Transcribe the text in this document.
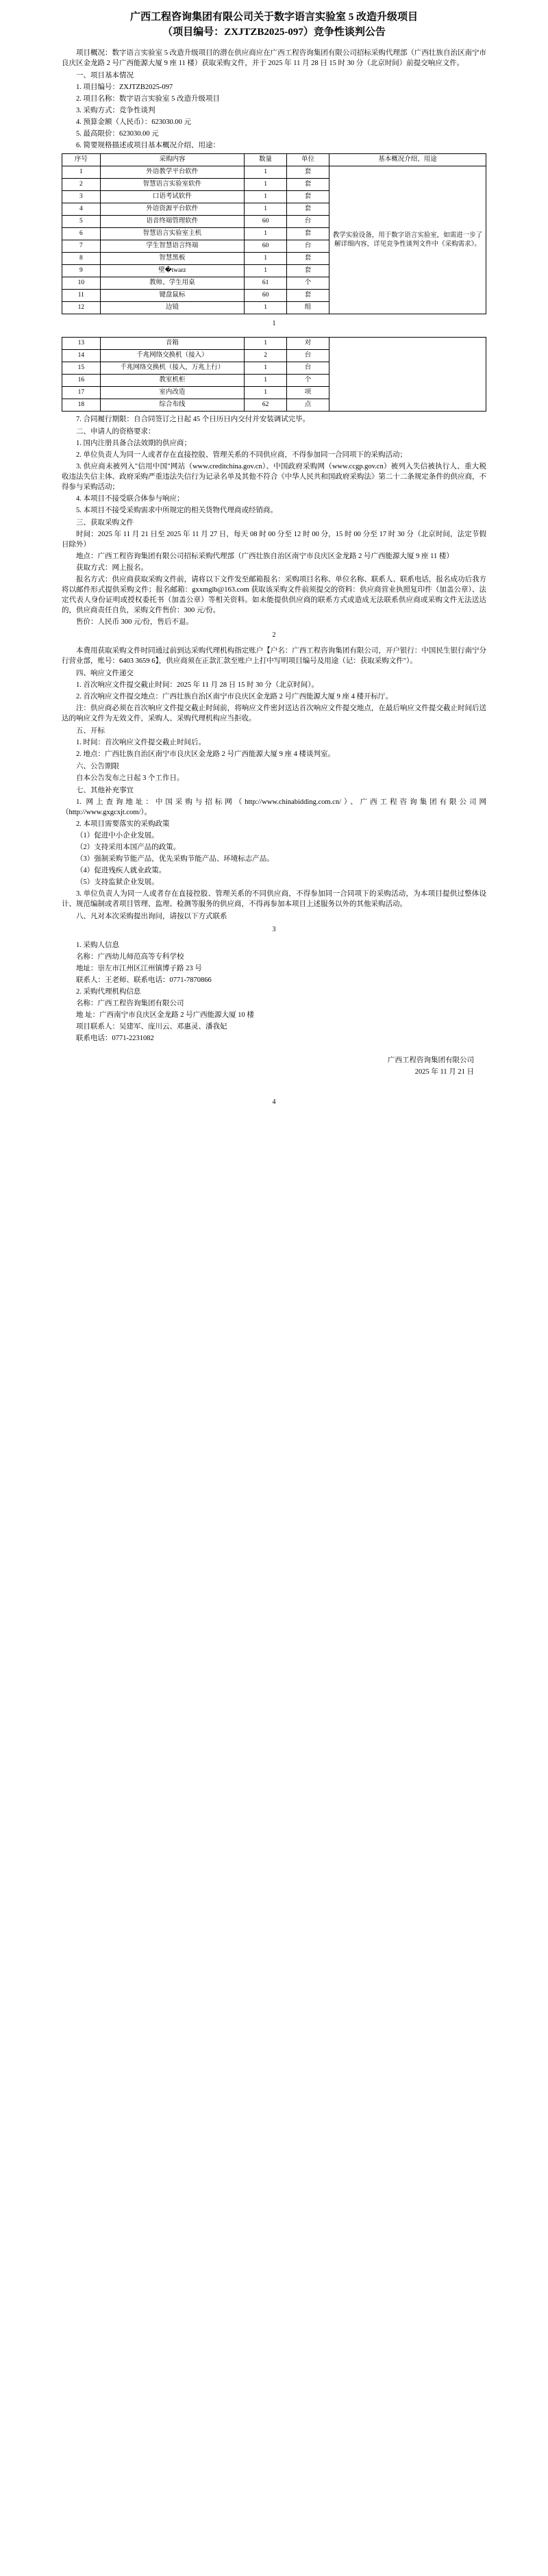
广西工程咨询集团有限公司关于数字语言实验室 5 改造升级项目
（项目编号：ZXJTZB2025-097）竞争性谈判公告

项目概况：数字语言实验室 5 改造升级项目的潜在供应商应在广西工程咨询集团有限公司招标采购代理部（广西壮族自治区南宁市良庆区金龙路 2 号广西能源大厦 9 座 11 楼）获取采购文件，并于 2025 年 11 月 28 日 15 时 30 分（北京时间）前提交响应文件。

一、项目基本情况

1. 项目编号：ZXJTZB2025-097

2. 项目名称：数字语言实验室 5 改造升级项目

3. 采购方式：竞争性谈判

4. 预算金额（人民币）：623030.00 元

5. 最高限价：623030.00 元

6. 简要规格描述或项目基本概况介绍、用途：

序号	采购内容	数量	单位	基本概况介绍、用途
1	外语教学平台软件	1	套	教学实验设备，用于数字语言实验室，如需进一步了解详细内容，详见竞争性谈判文件中《采购需求》。
2	智慧语言实验室软件	1	套	
3	口语考试软件	1	套	
4	外语资源平台软件	1	套	
5	语音终端管理软件	60	台	
6	智慧语言实验室主机	1	套	
7	学生智慧语言终端	60	台	
8	智慧黑板	1	套	
9	壁�twarz	1	套	
10	教师、学生用桌	61	个	
11	键盘鼠标	60	套	
12	边镜	1	组	
1
13	音箱	1	对	
14	千兆网络交换机（接入）	2	台	
15	千兆网络交换机（接入，万兆上行）	1	台	
16	教室机柜	1	个	
17	室内改造	1	项	
18	综合布线	62	点	

7. 合同履行期限：自合同签订之日起 45 个日历日内交付并安装调试完毕。

二、申请人的资格要求：

1. 国内注册具备合法效期的供应商；

2. 单位负责人为同一人或者存在直接控股、管理关系的不同供应商，不得参加同一合同项下的采购活动；

3. 供应商未被列入"信用中国"网站（www.creditchina.gov.cn）、中国政府采购网（www.ccgp.gov.cn）被列入失信被执行人、重大税收违法失信主体、政府采购严重违法失信行为记录名单及其他不符合《中华人民共和国政府采购法》第二十二条规定条件的供应商，不得参与采购活动；

4. 本项目不接受联合体参与响应；

5. 本项目不接受采购需求中所规定的相关货物代理商或经销商。

三、获取采购文件

时间：2025 年 11 月 21 日至 2025 年 11 月 27 日，每天 08 时 00 分至 12 时 00 分，15 时 00 分至 17 时 30 分（北京时间，法定节假日除外）

地点：广西工程咨询集团有限公司招标采购代理部（广西壮族自治区南宁市良庆区金龙路 2 号广西能源大厦 9 座 11 楼）

获取方式：网上报名。

报名方式：供应商获取采购文件前，请将以下文件发至邮箱报名：采购项目名称、单位名称、联系人、联系电话，报名成功后我方将以邮件形式提供采购文件；报名邮箱：gxxmglb@163.com 获取该采购文件前须提交的资料：供应商营业执照复印件（加盖公章）、法定代表人身份证明或授权委托书（加盖公章）等相关资料。如未能提供供应商的联系方式或造成无法联系供应商或采购文件无法送达的，供应商责任自负，采购文件售价：300 元/份。

售价：人民币 300 元/份，售后不退。

2

本费用获取采购文件时同通过前到达采购代理机构指定账户【户名：广西工程咨询集团有限公司，开户银行：中国民生银行南宁分行营业部，账号：6403 3659 6】，供应商须在正款汇款至账户上打中写明项目编号及用途（记：获取采购文件"）。

四、响应文件递交

1. 首次响应文件提交截止时间：2025 年 11 月 28 日 15 时 30 分（北京时间）。

2. 首次响应文件提交地点：广西壮族自治区南宁市良庆区金龙路 2 号广西能源大厦 9 座 4 楼开标厅。

注：供应商必须在首次响应文件提交截止时间前，将响应文件密封送达首次响应文件提交地点，在最后响应文件提交截止时间后送达的响应文件为无效文件，采购人、采购代理机构应当拒收。

五、开标

1. 时间：首次响应文件提交截止时间后。

2. 地点：广西壮族自治区南宁市良庆区金龙路 2 号广西能源大厦 9 座 4 楼谈判室。

六、公告期限

自本公告发布之日起 3 个工作日。

七、其他补充事宜

1. 网上查询地址：中国采购与招标网（http://www.chinabidding.com.cn/）、广西工程咨询集团有限公司网（http://www.gxgcxjt.com/）。

2. 本项目需要落实的采购政策

（1）促进中小企业发展。

（2）支持采用本国产品的政策。

（3）强制采购节能产品，优先采购节能产品、环境标志产品。

（4）促进残疾人就业政策。

（5）支持监狱企业发展。

3. 单位负责人为同一人或者存在直接控股、管理关系的不同供应商，不得参加同一合同项下的采购活动，为本项目提供过整体设计、规范编制或者项目管理、监理、检测等服务的供应商，不得再参加本项目上述服务以外的其他采购活动。

八、凡对本次采购提出询问，请按以下方式联系

3

1. 采购人信息

名称：广西幼儿师范高等专科学校

地址：崇左市江州区江州镇博子路 23 号

联系人：王老师、联系电话：0771-7870866

2. 采购代理机构信息

名称：广西工程咨询集团有限公司

地 址：广西南宁市良庆区金龙路 2 号广西能源大厦 10 楼

项目联系人：吴建军、庞川云、邓惠灵、潘我妃

联系电话：0771-2231082

广西工程咨询集团有限公司
2025 年 11 月 21 日
4
